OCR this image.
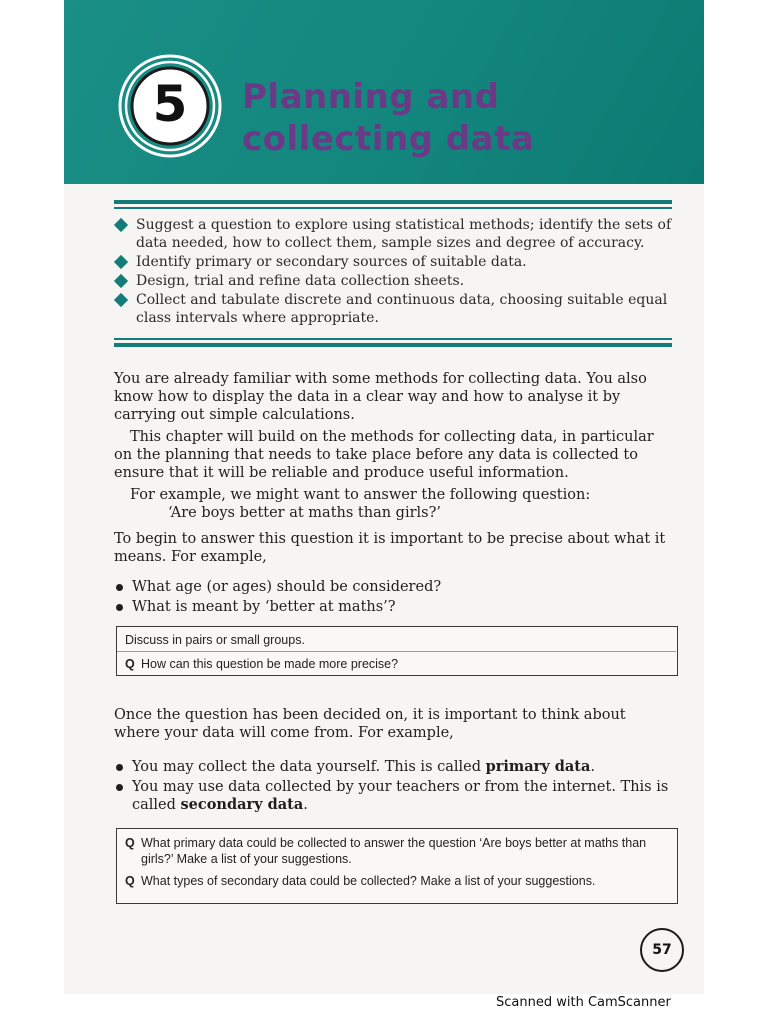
5 Planning and
collecting data
Suggest a question to explore using statistical methods; identify the sets of data needed, how to collect them, sample sizes and degree of accuracy.
Identify primary or secondary sources of suitable data.
Design, trial and refine data collection sheets.
Collect and tabulate discrete and continuous data, choosing suitable equal class intervals where appropriate.

You are already familiar with some methods for collecting data. You also know how to display the data in a clear way and how to analyse it by carrying out simple calculations.

This chapter will build on the methods for collecting data, in particular on the planning that needs to take place before any data is collected to ensure that it will be reliable and produce useful information.

For example, we might want to answer the following question:

‘Are boys better at maths than girls?’

To begin to answer this question it is important to be precise about what it means. For example,

What age (or ages) should be considered?
What is meant by ‘better at maths’?
Discuss in pairs or small groups.
Q How can this question be made more precise?

Once the question has been decided on, it is important to think about where your data will come from. For example,

You may collect the data yourself. This is called primary data.
You may use data collected by your teachers or from the internet. This is called secondary data.
Q What primary data could be collected to answer the question ‘Are boys better at maths than girls?’ Make a list of your suggestions.
Q What types of secondary data could be collected? Make a list of your suggestions.
57
Scanned with CamScanner
